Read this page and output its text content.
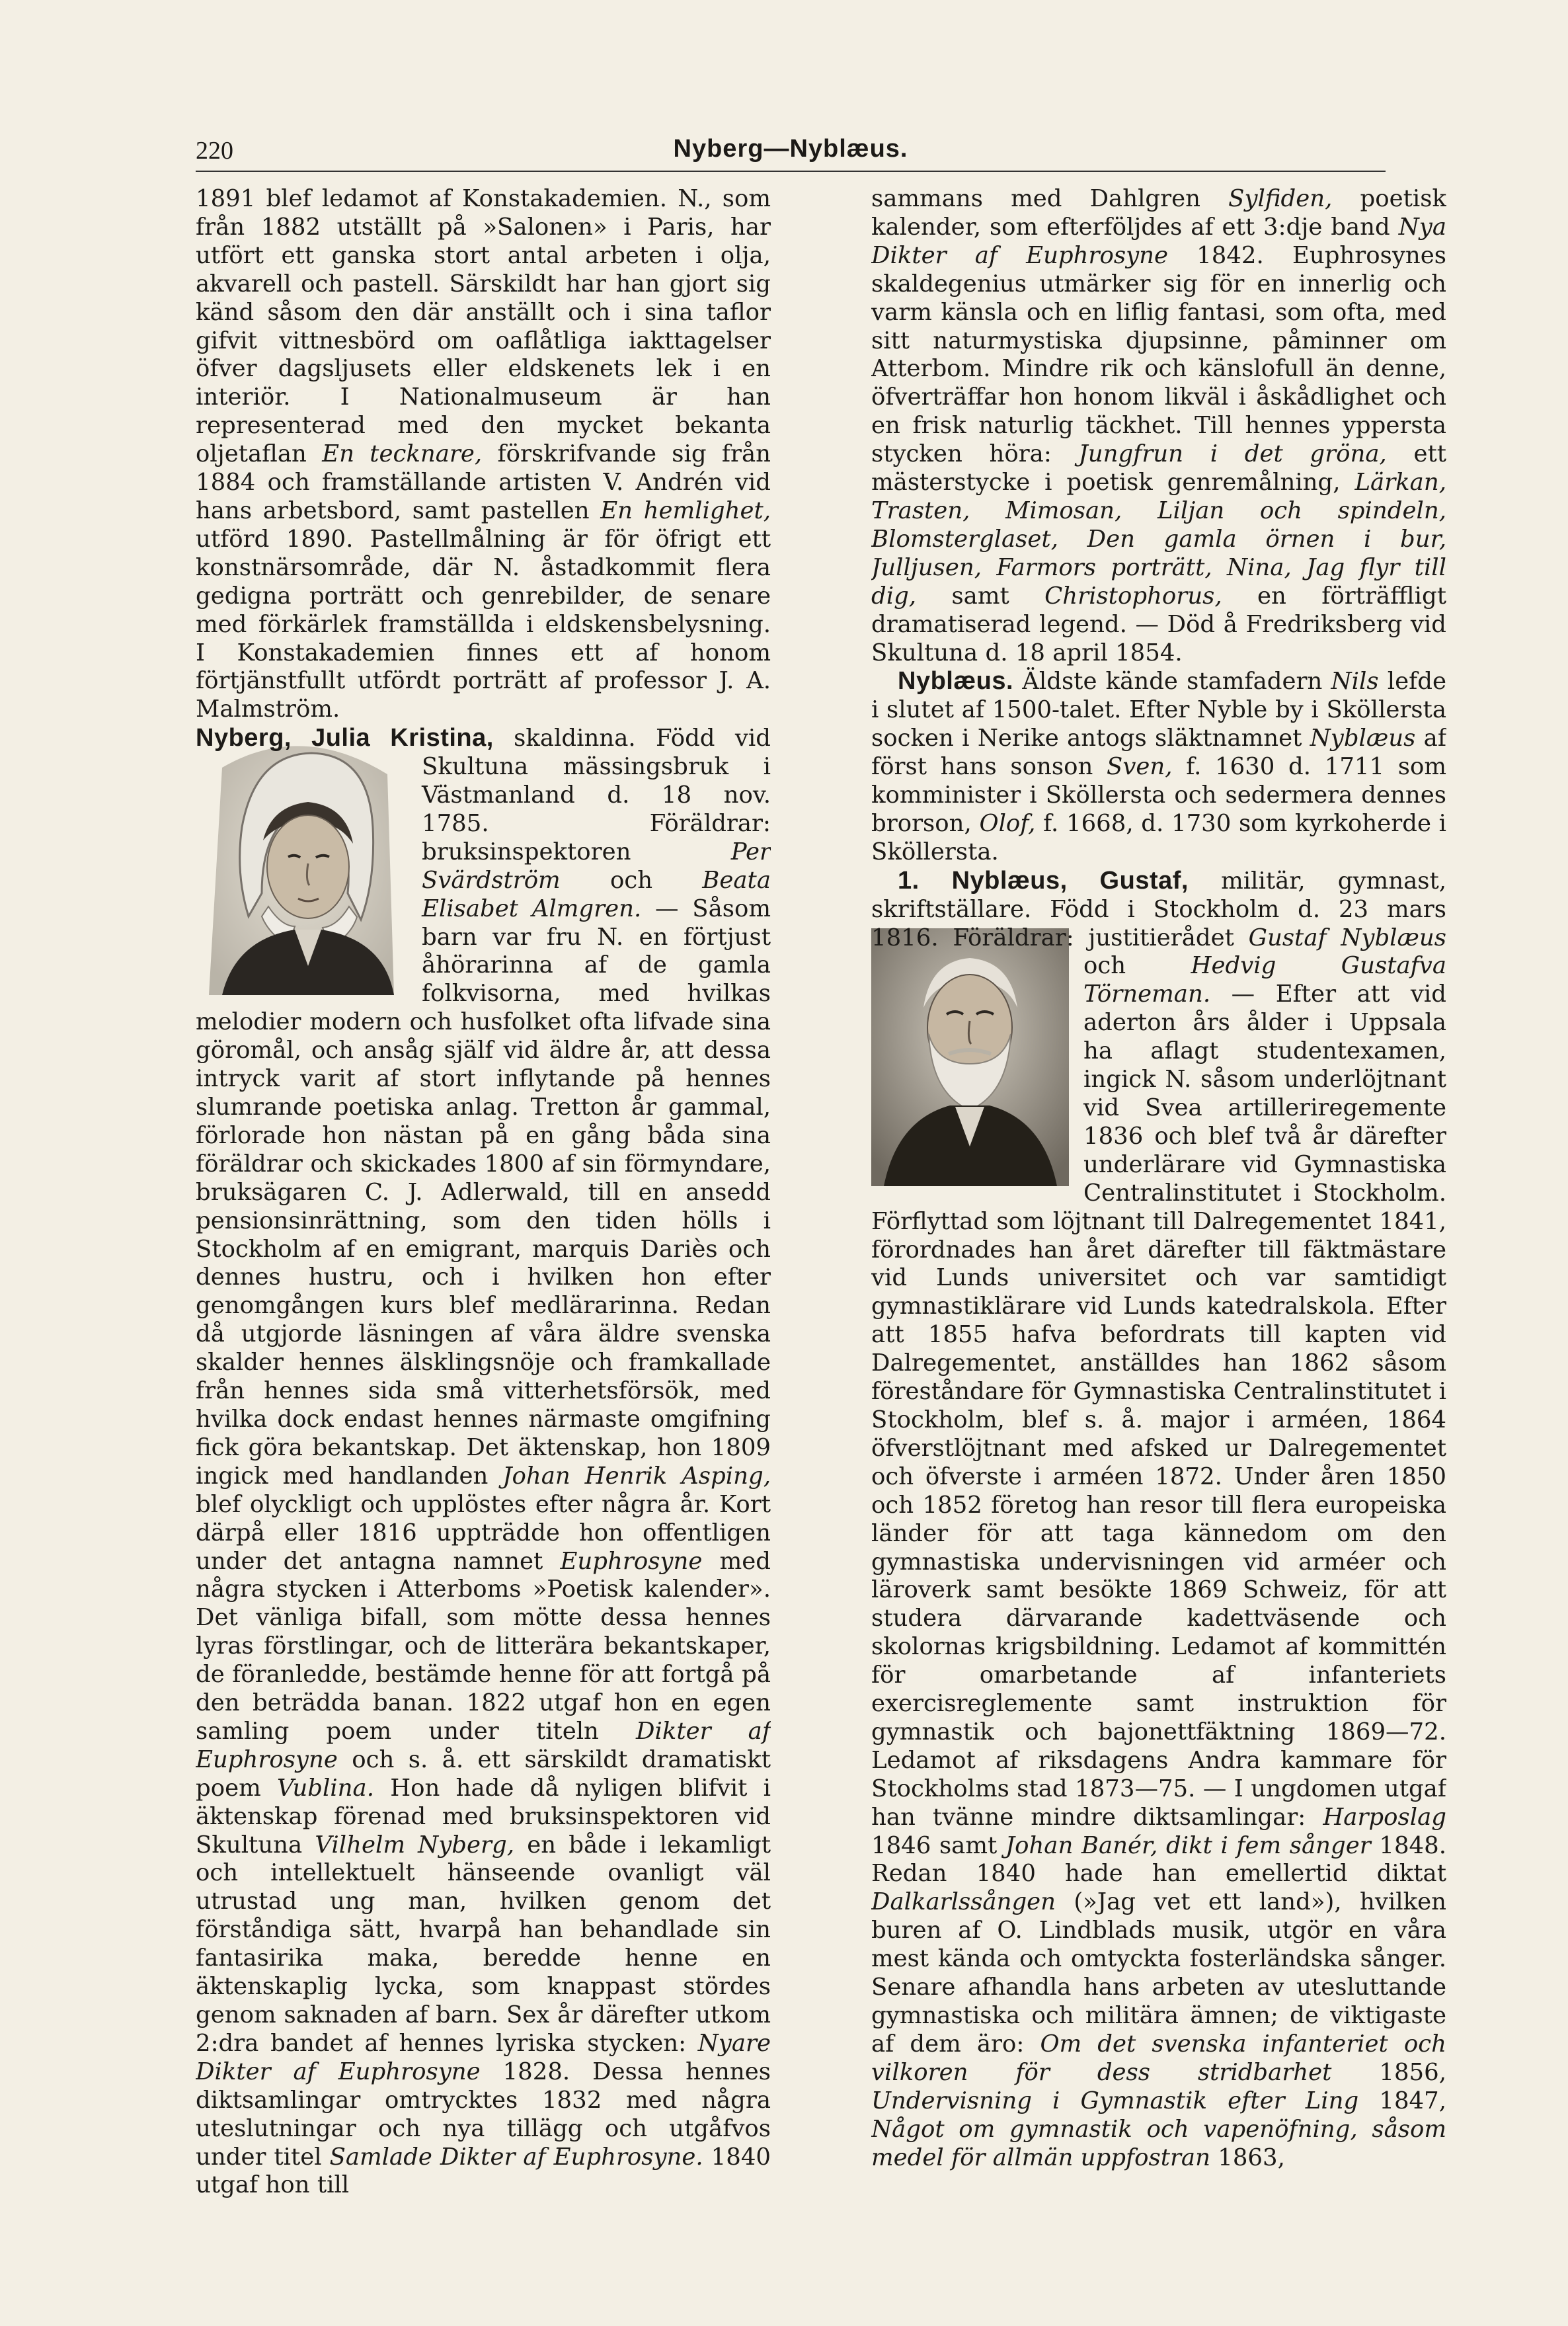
220	Nyberg—Nyblæus.

1891 blef ledamot af Konstakademien. N., som från 1882 utställt på »Salonen» i Paris, har utfört ett ganska stort antal arbeten i olja, akvarell och pastell. Särskildt har han gjort sig känd såsom den där anställt och i sina taflor gifvit vittnesbörd om oaflåtliga iakttagelser öfver dagsljusets eller eldskenets lek i en interiör. I Nationalmuseum är han representerad med den mycket bekanta oljetaflan En tecknare, förskrifvande sig från 1884 och framställande artisten V. Andrén vid hans arbetsbord, samt pastellen En hemlighet, utförd 1890. Pastellmålning är för öfrigt ett konstnärsområde, där N. åstadkommit flera gedigna porträtt och genrebilder, de senare med förkärlek framställda i eldskensbelysning. I Konstakademien finnes ett af honom förtjänstfullt utfördt porträtt af professor J. A. Malmström.

Nyberg, Julia Kristina,
skaldinna. Född vid Skultuna mässingsbruk i Västmanland d. 18 nov. 1785. Föräldrar: bruksinspektoren Per Svärdström och Beata Elisabet Almgren. — Såsom barn var fru N. en förtjust åhörarinna af de gamla folkvisorna, med hvilkas melodier modern och husfolket ofta lifvade sina göromål, och ansåg själf vid äldre år, att dessa intryck varit af stort inflytande på hennes slumrande poetiska anlag. Tretton år gammal, förlorade hon nästan på en gång båda sina föräldrar och skickades 1800 af sin förmyndare, bruksägaren C. J. Adlerwald, till en ansedd pensionsinrättning, som den tiden hölls i Stockholm af en emigrant, marquis Dariès och dennes hustru, och i hvilken hon efter genomgången kurs blef medlärarinna. Redan då utgjorde läsningen af våra äldre svenska skalder hennes älsklingsnöje och framkallade från hennes sida små vitterhetsförsök, med hvilka dock endast hennes närmaste omgifning fick göra bekantskap. Det äktenskap, hon 1809 ingick med handlanden Johan Henrik Asping, blef olyckligt och upplöstes efter några år. Kort därpå eller 1816 uppträdde hon offentligen under det antagna namnet Euphrosyne med några stycken i Atterboms »Poetisk kalender». Det vänliga bifall, som mötte dessa hennes lyras förstlingar, och de litterära bekantskaper, de föranledde, bestämde henne för att fortgå på den beträdda banan. 1822 utgaf hon en egen samling poem under titeln Dikter af Euphrosyne och s. å. ett särskildt dramatiskt poem Vublina. Hon hade då nyligen blifvit i äktenskap förenad med bruksinspektoren vid Skultuna Vilhelm Nyberg, en både i lekamligt och intellektuelt hänseende ovanligt väl utrustad ung man, hvilken genom det förståndiga sätt, hvarpå han behandlade sin fantasirika maka, beredde henne en äktenskaplig lycka, som knappast stördes genom saknaden af barn. Sex år därefter utkom 2:dra bandet af hennes lyriska stycken: Nyare Dikter af Euphrosyne 1828. Dessa hennes diktsamlingar omtrycktes 1832 med några uteslutningar och nya tillägg och utgåfvos under titel Samlade Dikter af Euphrosyne. 1840 utgaf hon till

sammans med Dahlgren Sylfiden, poetisk kalender, som efterföljdes af ett 3:dje band Nya Dikter af Euphrosyne 1842. Euphrosynes skaldegenius utmärker sig för en innerlig och varm känsla och en liflig fantasi, som ofta, med sitt naturmystiska djupsinne, påminner om Atterbom. Mindre rik och känslofull än denne, öfverträffar hon honom likväl i åskådlighet och en frisk naturlig täckhet. Till hennes yppersta stycken höra: Jungfrun i det gröna, ett mästerstycke i poetisk genremålning, Lärkan, Trasten, Mimosan, Liljan och spindeln, Blomsterglaset, Den gamla örnen i bur, Julljusen, Farmors porträtt, Nina, Jag flyr till dig, samt Christophorus, en förträffligt dramatiserad legend. — Död å Fredriksberg vid Skultuna d. 18 april 1854.

Nyblæus. Äldste kände stamfadern Nils lefde i slutet af 1500-talet. Efter Nyble by i Sköllersta socken i Nerike antogs släktnamnet Nyblæus af först hans sonson Sven, f. 1630 d. 1711 som komminister i Sköllersta och sedermera dennes brorson, Olof, f. 1668, d. 1730 som kyrkoherde i Sköllersta.

1. Nyblæus, Gustaf, militär, gymnast, skriftställare. Född i Stockholm d. 23 mars 1816. Föräldrar: justitierådet
Gustaf Nyblæus och Hedvig Gustafva Törneman. — Efter att vid aderton års ålder i Uppsala ha aflagt studentexamen, ingick N. såsom underlöjtnant vid Svea artilleriregemente 1836 och blef två år därefter underlärare vid Gymnastiska Centralinstitutet i Stockholm. Förflyttad som löjtnant till Dalregementet 1841, förordnades han året därefter till fäktmästare vid Lunds universitet och var samtidigt gymnastiklärare vid Lunds katedralskola. Efter att 1855 hafva befordrats till kapten vid Dalregementet, anställdes han 1862 såsom föreståndare för Gymnastiska Centralinstitutet i Stockholm, blef s. å. major i arméen, 1864 öfverstlöjtnant med afsked ur Dalregementet och öfverste i arméen 1872. Under åren 1850 och 1852 företog han resor till flera europeiska länder för att taga kännedom om den gymnastiska undervisningen vid arméer och läroverk samt besökte 1869 Schweiz, för att studera därvarande kadettväsende och skolornas krigsbildning. Ledamot af kommittén för omarbetande af infanteriets exercisreglemente samt instruktion för gymnastik och bajonettfäktning 1869—72. Ledamot af riksdagens Andra kammare för Stockholms stad 1873—75. — I ungdomen utgaf han tvänne mindre diktsamlingar: Harposlag 1846 samt Johan Banér, dikt i fem sånger 1848. Redan 1840 hade han emellertid diktat Dalkarlssången (»Jag vet ett land»), hvilken buren af O. Lindblads musik, utgör en våra mest kända och omtyckta fosterländska sånger. Senare afhandla hans arbeten av utesluttande gymnastiska och militära ämnen; de viktigaste af dem äro: Om det svenska infanteriet och vilkoren för dess stridbarhet 1856, Undervisning i Gymnastik efter Ling 1847, Något om gymnastik och vapenöfning, såsom medel för allmän uppfostran 1863,
